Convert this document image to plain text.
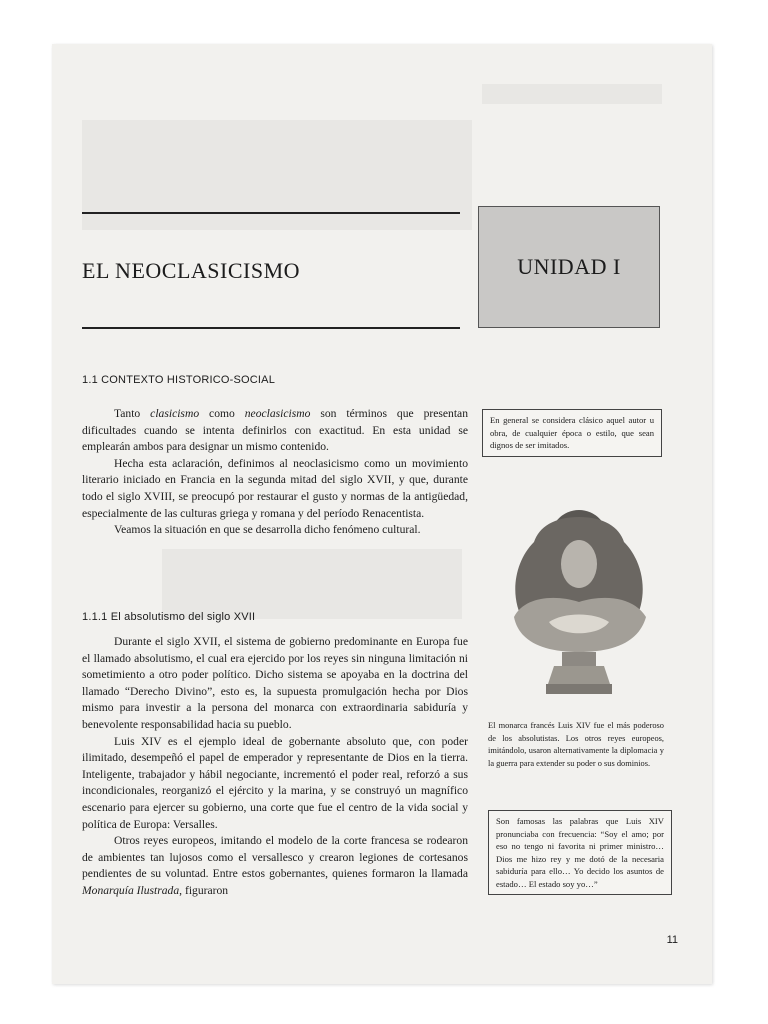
EL NEOCLASICISMO	UNIDAD I
1.1 CONTEXTO HISTORICO-SOCIAL

Tanto clasicismo como neoclasicismo son términos que presentan dificultades cuando se intenta definirlos con exactitud. En esta unidad se emplearán ambos para designar un mismo contenido.

Hecha esta aclaración, definimos al neoclasicismo como un movimiento literario iniciado en Francia en la segunda mitad del siglo XVII, y que, durante todo el siglo XVIII, se preocupó por restaurar el gusto y normas de la antigüedad, especialmente de las culturas griega y romana y del período Renacentista.

Veamos la situación en que se desarrolla dicho fenómeno cultural.

1.1.1 El absolutismo del siglo XVII

Durante el siglo XVII, el sistema de gobierno predominante en Europa fue el llamado absolutismo, el cual era ejercido por los reyes sin ninguna limitación ni sometimiento a otro poder político. Dicho sistema se apoyaba en la doctrina del llamado “Derecho Divino”, esto es, la supuesta promulgación hecha por Dios mismo para investir a la persona del monarca con extraordinaria sabiduría y benevolente responsabilidad hacia su pueblo.

Luis XIV es el ejemplo ideal de gobernante absoluto que, con poder ilimitado, desempeñó el papel de emperador y representante de Dios en la tierra. Inteligente, trabajador y hábil negociante, incrementó el poder real, reforzó a sus incondicionales, reorganizó el ejército y la marina, y se construyó un magnífico escenario para ejercer su gobierno, una corte que fue el centro de la vida social y política de Europa: Versalles.

Otros reyes europeos, imitando el modelo de la corte francesa se rodearon de ambientes tan lujosos como el versallesco y crearon legiones de cortesanos pendientes de su voluntad. Entre estos gobernantes, quienes formaron la llamada Monarquía Ilustrada, figuraron

En general se considera clásico aquel autor u obra, de cualquier época o estilo, que sean dignos de ser imitados.
El monarca francés Luis XIV fue el más poderoso de los absolutistas. Los otros reyes europeos, imitándolo, usaron alternativamente la diplomacia y la guerra para extender su poder o sus dominios.
Son famosas las palabras que Luis XIV pronunciaba con frecuencia: “Soy el amo; por eso no tengo ni favorita ni primer ministro… Dios me hizo rey y me dotó de la necesaria sabiduría para ello… Yo decido los asuntos de estado… El estado soy yo…”
11
